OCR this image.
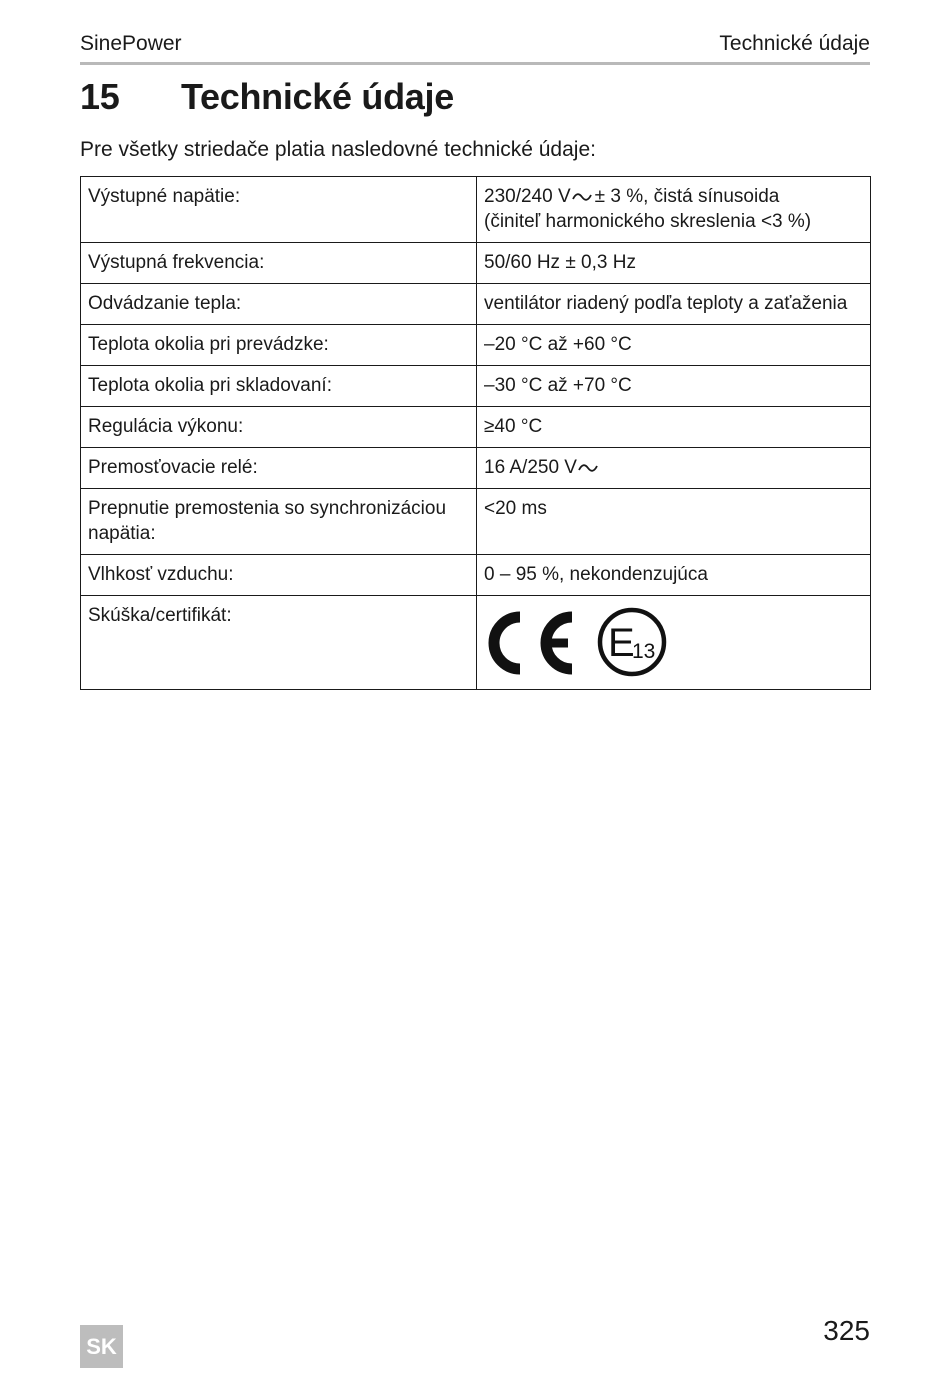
SinePower	Technické údaje
15 Technické údaje
Pre všetky striedače platia nasledovné technické údaje:
Výstupné napätie:	230/240 V ± 3 %, čistá sínusoida
(činiteľ harmonického skreslenia <3 %)
Výstupná frekvencia:	50/60 Hz ± 0,3 Hz
Odvádzanie tepla:	ventilátor riadený podľa teploty a zaťaženia
Teplota okolia pri prevádzke:	–20 °C až +60 °C
Teplota okolia pri skladovaní:	–30 °C až +70 °C
Regulácia výkonu:	≥40 °C
Premosťovacie relé:	16 A/250 V
Prepnutie premostenia so synchronizáciou napätia:	<20 ms
Vlhkosť vzduchu:	0 – 95 %, nekondenzujúca
Skúška/certifikát:	E
13
SK	325
